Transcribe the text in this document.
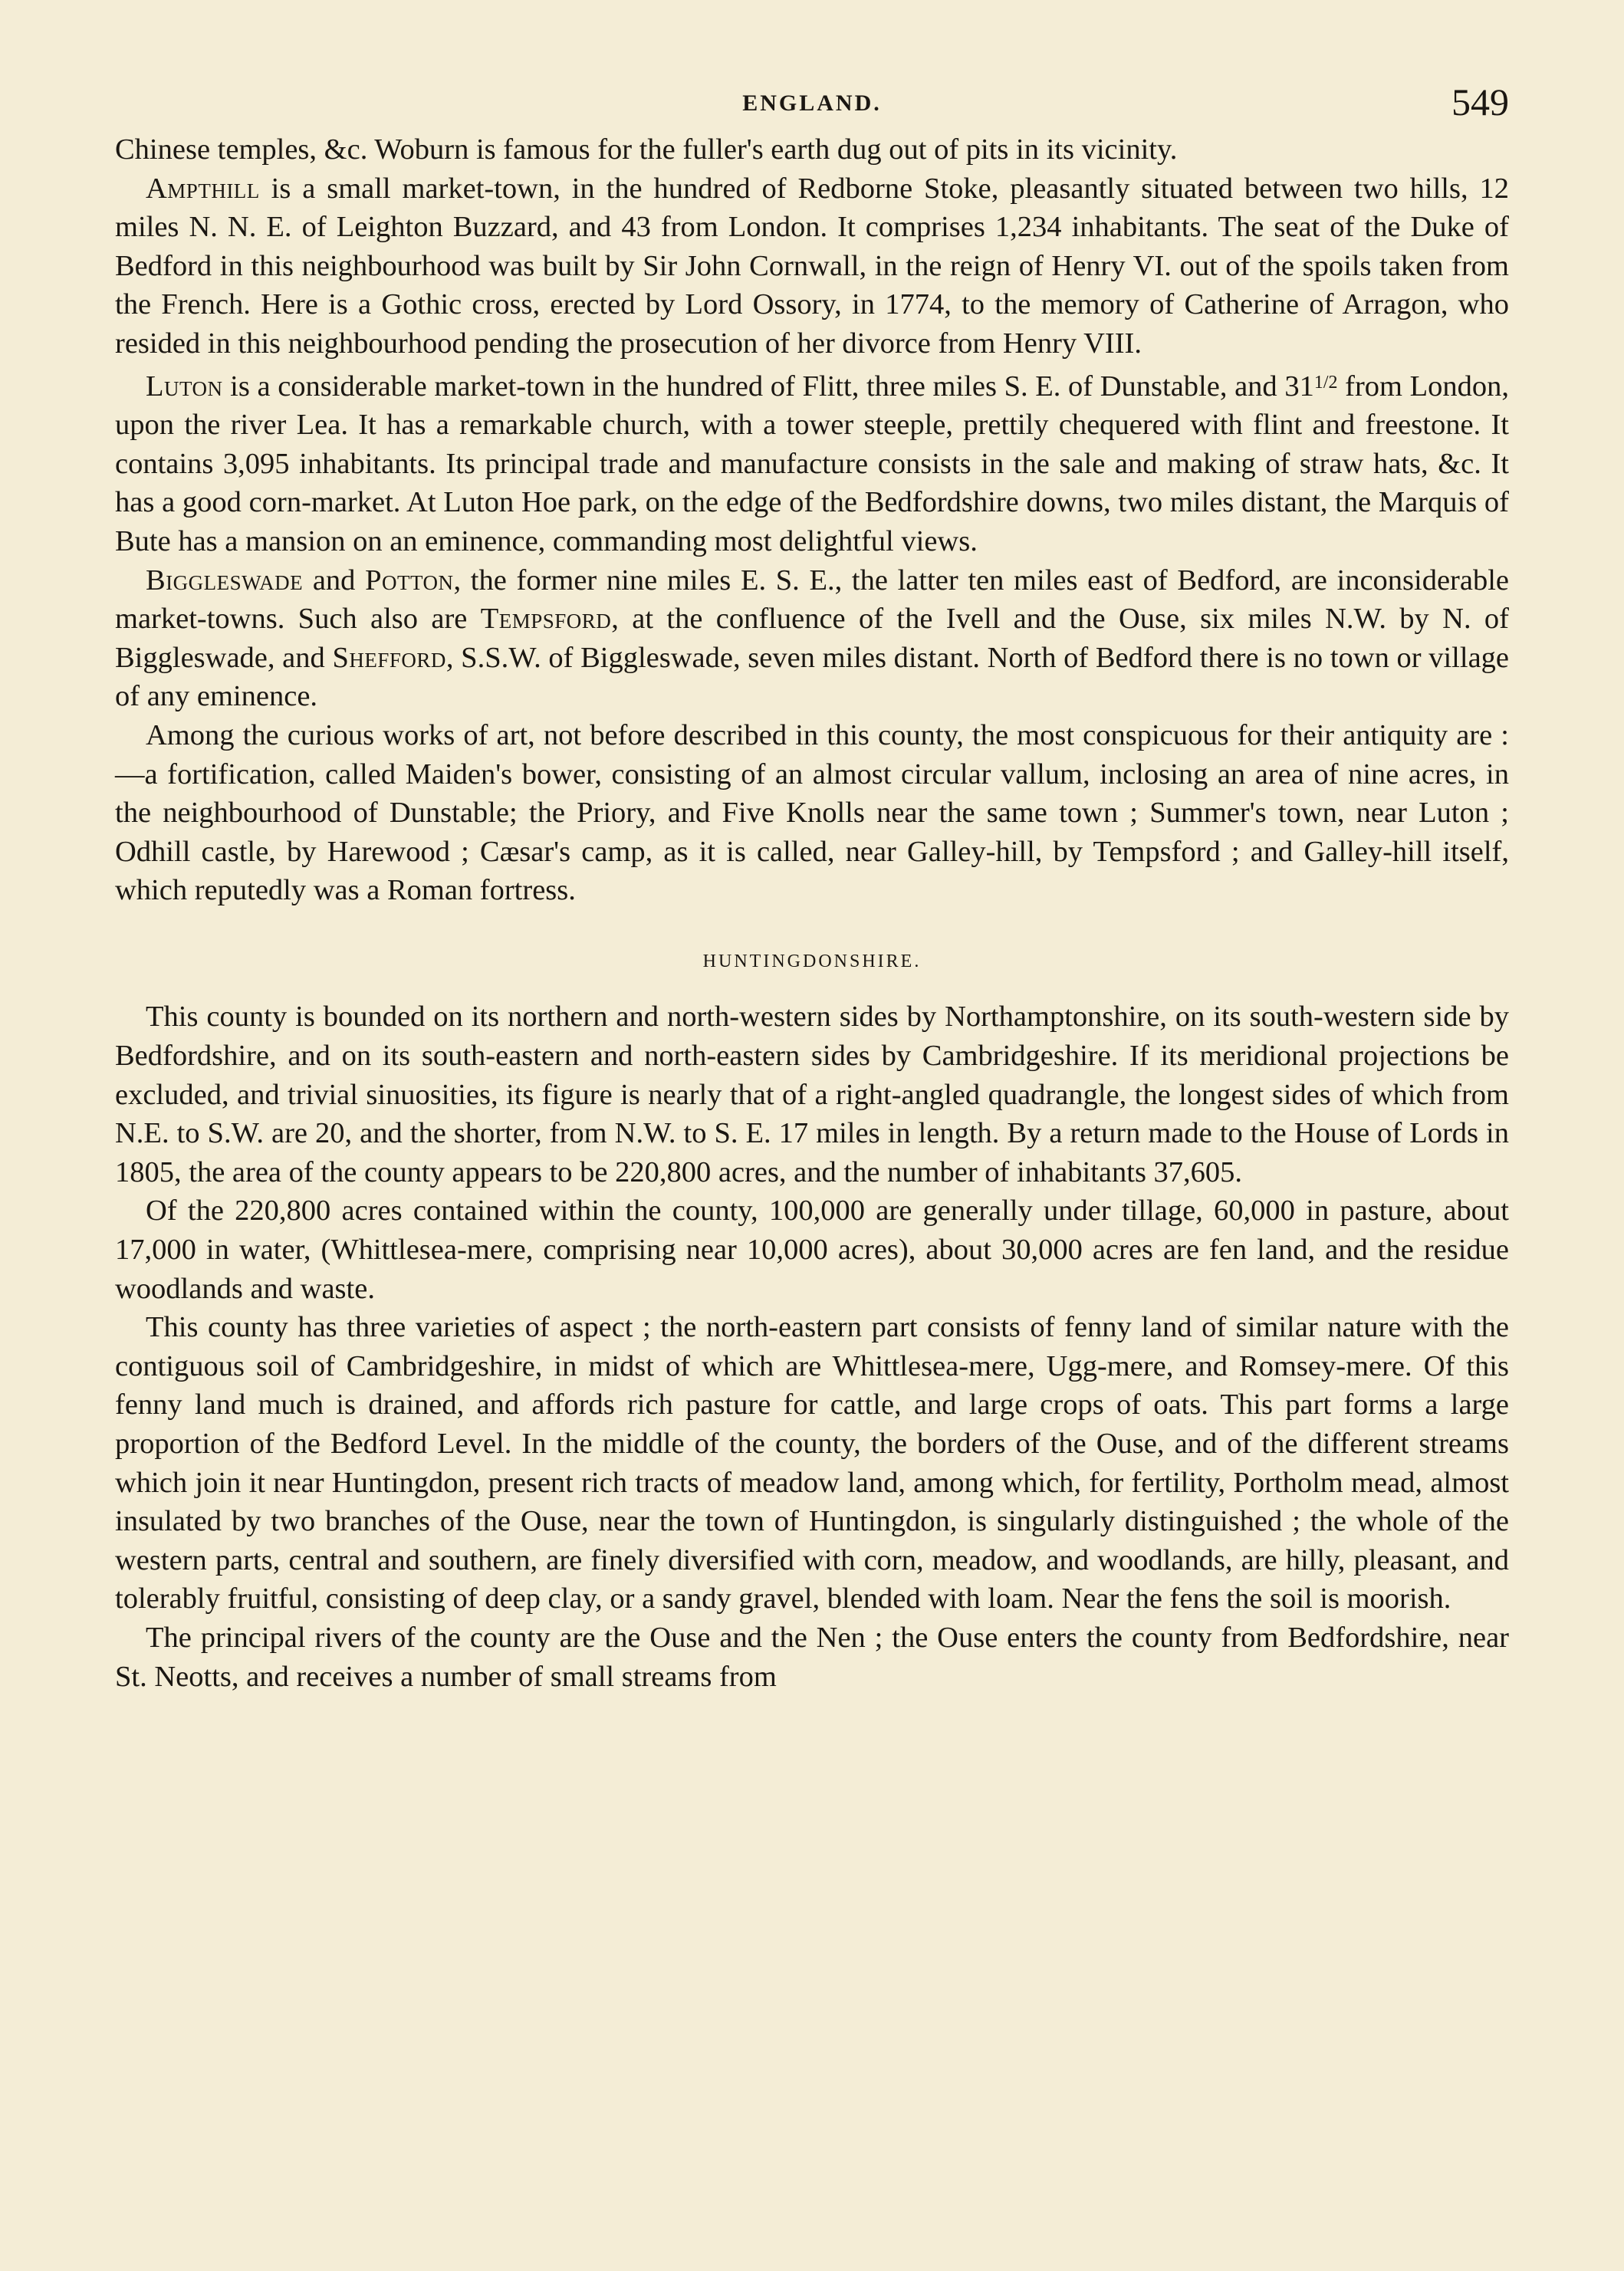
ENGLAND.	549

Chinese temples, &c. Woburn is famous for the fuller's earth dug out of pits in its vicinity.

Ampthill is a small market-town, in the hundred of Redborne Stoke, pleasantly situated between two hills, 12 miles N. N. E. of Leighton Buzzard, and 43 from London. It comprises 1,234 inhabitants. The seat of the Duke of Bedford in this neighbourhood was built by Sir John Cornwall, in the reign of Henry VI. out of the spoils taken from the French. Here is a Gothic cross, erected by Lord Ossory, in 1774, to the memory of Catherine of Arragon, who resided in this neighbourhood pending the prosecution of her divorce from Henry VIII.

Luton is a considerable market-town in the hundred of Flitt, three miles S. E. of Dunstable, and $31^{1/2}$ from London, upon the river Lea. It has a remarkable church, with a tower steeple, prettily chequered with flint and freestone. It contains 3,095 inhabitants. Its principal trade and manufacture consists in the sale and making of straw hats, &c. It has a good corn-market. At Luton Hoe park, on the edge of the Bedfordshire downs, two miles distant, the Marquis of Bute has a mansion on an eminence, commanding most delightful views.

Biggleswade and Potton, the former nine miles E. S. E., the latter ten miles east of Bedford, are inconsiderable market-towns. Such also are Tempsford, at the confluence of the Ivell and the Ouse, six miles N.W. by N. of Biggleswade, and Shefford, S.S.W. of Biggleswade, seven miles distant. North of Bedford there is no town or village of any eminence.

Among the curious works of art, not before described in this county, the most conspicuous for their antiquity are :—a fortification, called Maiden's bower, consisting of an almost circular vallum, inclosing an area of nine acres, in the neighbourhood of Dunstable; the Priory, and Five Knolls near the same town ; Summer's town, near Luton ; Odhill castle, by Harewood ; Cæsar's camp, as it is called, near Galley-hill, by Tempsford ; and Galley-hill itself, which reputedly was a Roman fortress.

HUNTINGDONSHIRE.

This county is bounded on its northern and north-western sides by Northamptonshire, on its south-western side by Bedfordshire, and on its south-eastern and north-eastern sides by Cambridgeshire. If its meridional projections be excluded, and trivial sinuosities, its figure is nearly that of a right-angled quadrangle, the longest sides of which from N.E. to S.W. are 20, and the shorter, from N.W. to S. E. 17 miles in length. By a return made to the House of Lords in 1805, the area of the county appears to be 220,800 acres, and the number of inhabitants 37,605.

Of the 220,800 acres contained within the county, 100,000 are generally under tillage, 60,000 in pasture, about 17,000 in water, (Whittlesea-mere, comprising near 10,000 acres), about 30,000 acres are fen land, and the residue woodlands and waste.

This county has three varieties of aspect ; the north-eastern part consists of fenny land of similar nature with the contiguous soil of Cambridgeshire, in midst of which are Whittlesea-mere, Ugg-mere, and Romsey-mere. Of this fenny land much is drained, and affords rich pasture for cattle, and large crops of oats. This part forms a large proportion of the Bedford Level. In the middle of the county, the borders of the Ouse, and of the different streams which join it near Huntingdon, present rich tracts of meadow land, among which, for fertility, Portholm mead, almost insulated by two branches of the Ouse, near the town of Huntingdon, is singularly distinguished ; the whole of the western parts, central and southern, are finely diversified with corn, meadow, and woodlands, are hilly, pleasant, and tolerably fruitful, consisting of deep clay, or a sandy gravel, blended with loam. Near the fens the soil is moorish.

The principal rivers of the county are the Ouse and the Nen ; the Ouse enters the county from Bedfordshire, near St. Neotts, and receives a number of small streams from
